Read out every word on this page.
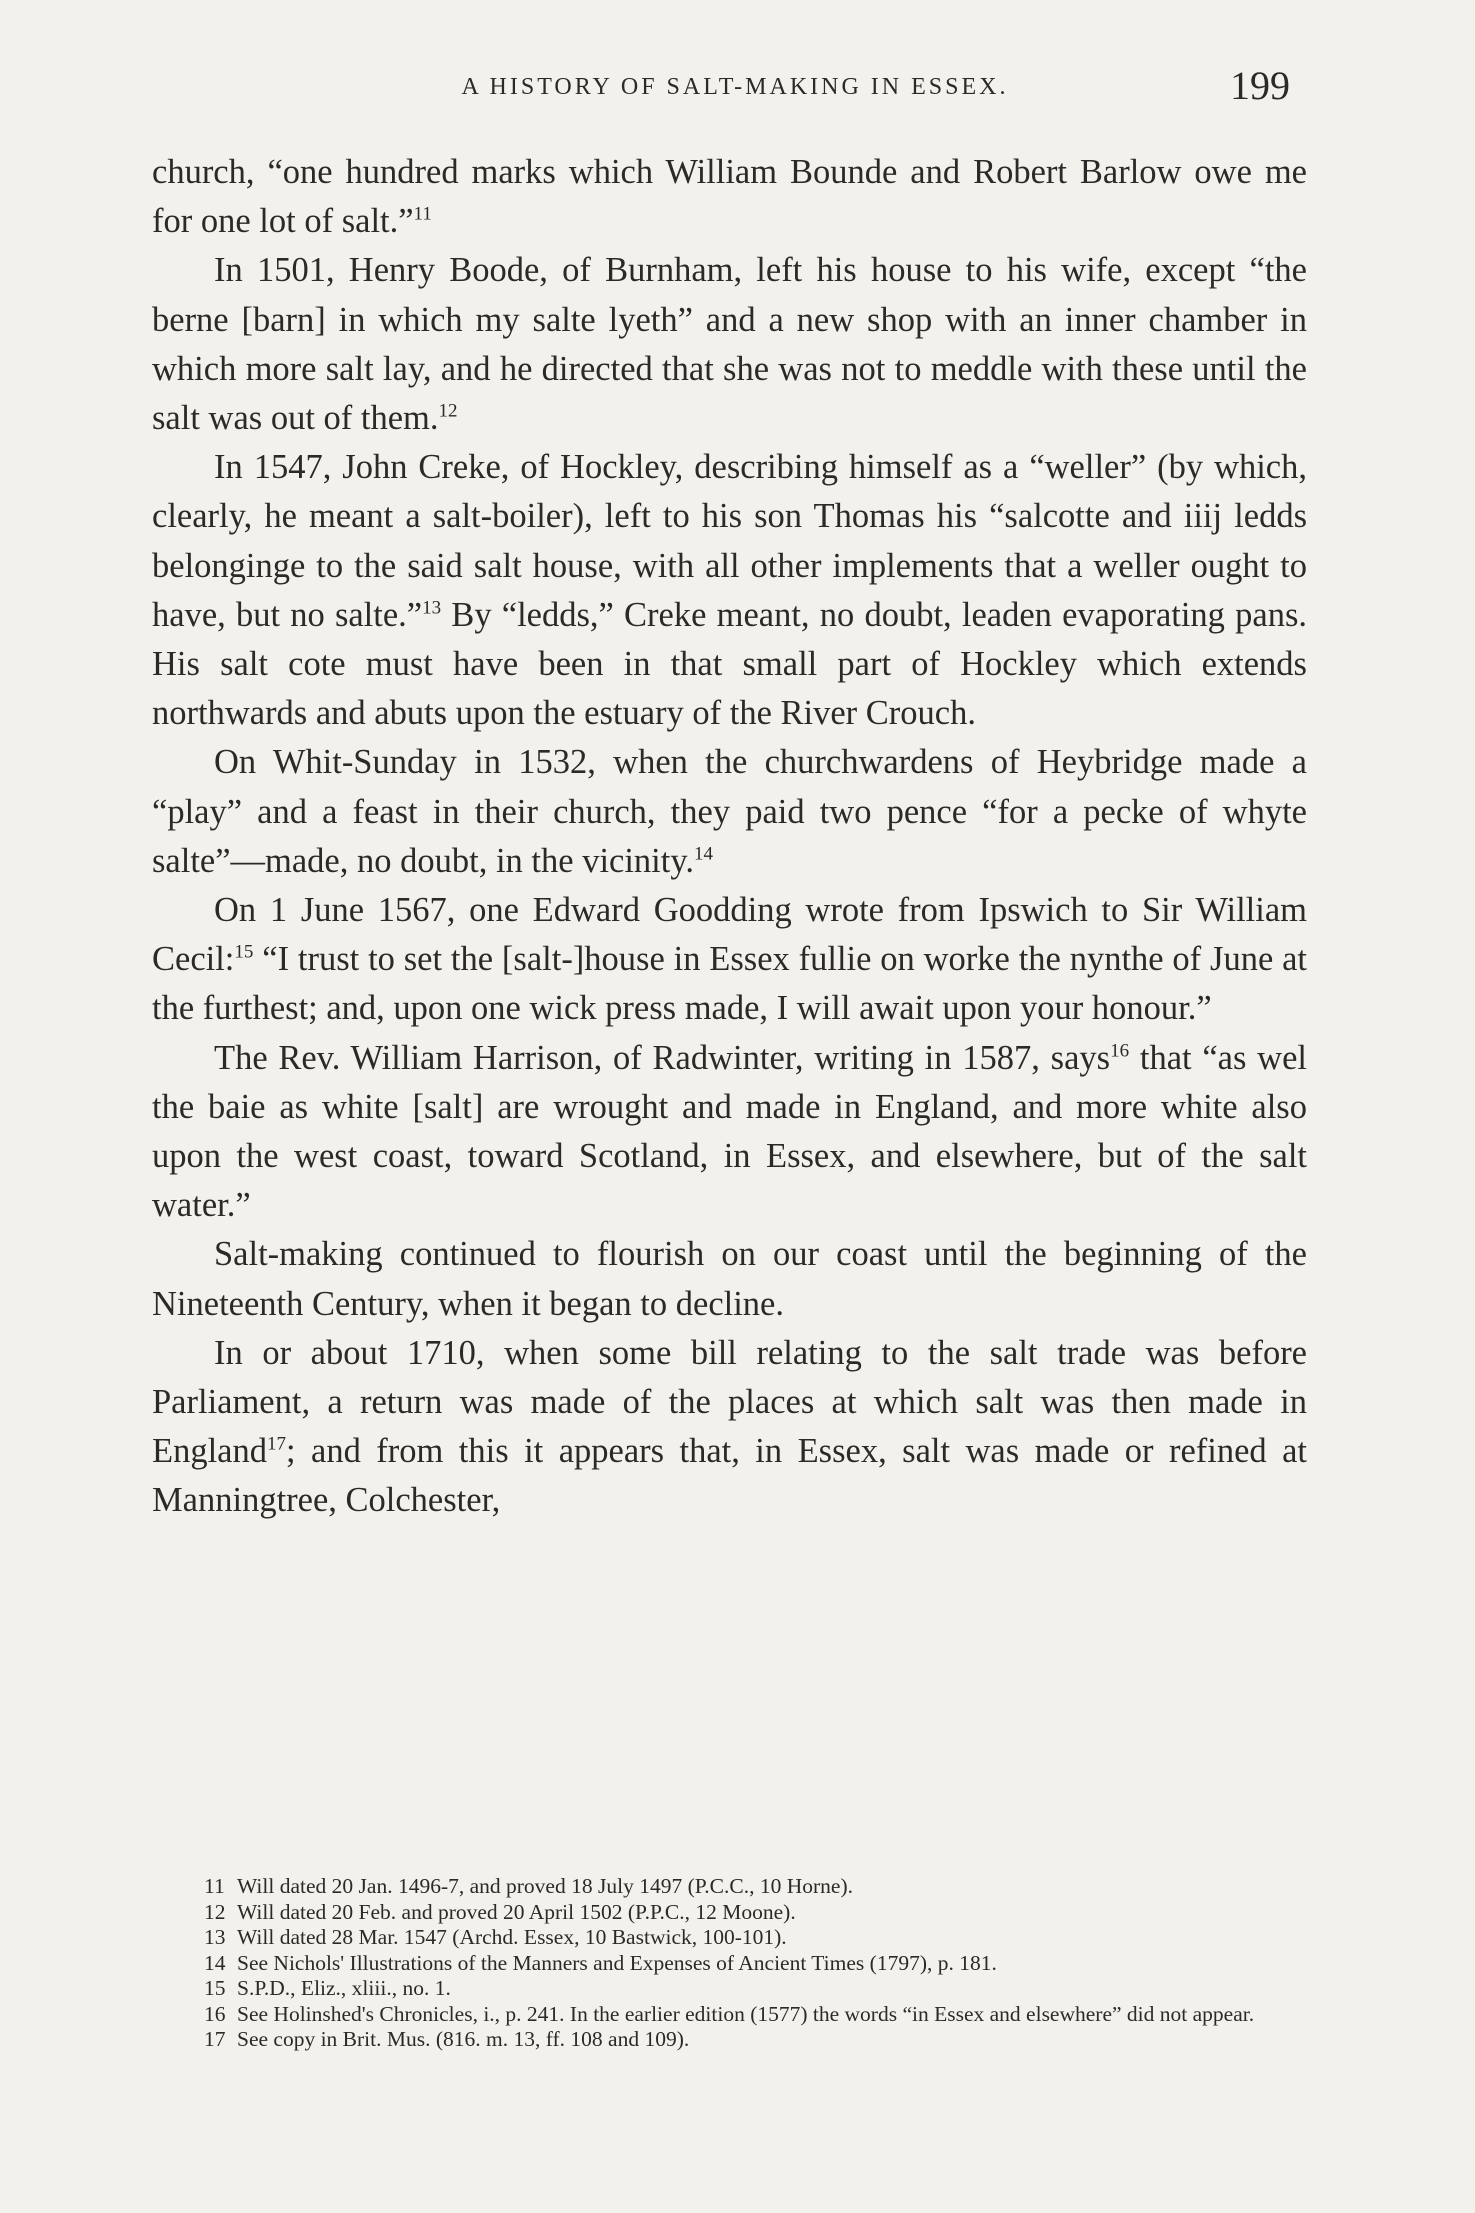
A HISTORY OF SALT-MAKING IN ESSEX.	199

church, “one hundred marks which William Bounde and Robert Barlow owe me for one lot of salt.”$^{11}$

In 1501, Henry Boode, of Burnham, left his house to his wife, except “the berne [barn] in which my salte lyeth” and a new shop with an inner chamber in which more salt lay, and he directed that she was not to meddle with these until the salt was out of them.$^{12}$

In 1547, John Creke, of Hockley, describing himself as a “weller” (by which, clearly, he meant a salt-boiler), left to his son Thomas his “salcotte and iiij ledds belonginge to the said salt house, with all other implements that a weller ought to have, but no salte.”$^{13}$ By “ledds,” Creke meant, no doubt, leaden evaporating pans. His salt cote must have been in that small part of Hockley which extends northwards and abuts upon the estuary of the River Crouch.

On Whit-Sunday in 1532, when the churchwardens of Heybridge made a “play” and a feast in their church, they paid two pence “for a pecke of whyte salte”—made, no doubt, in the vicinity.$^{14}$

On 1 June 1567, one Edward Goodding wrote from Ipswich to Sir William Cecil:$^{15}$ “I trust to set the [salt-]house in Essex fullie on worke the nynthe of June at the furthest; and, upon one wick press made, I will await upon your honour.”

The Rev. William Harrison, of Radwinter, writing in 1587, says$^{16}$ that “as wel the baie as white [salt] are wrought and made in England, and more white also upon the west coast, toward Scotland, in Essex, and elsewhere, but of the salt water.”

Salt-making continued to flourish on our coast until the beginning of the Nineteenth Century, when it began to decline.

In or about 1710, when some bill relating to the salt trade was before Parliament, a return was made of the places at which salt was then made in England$^{17}$; and from this it appears that, in Essex, salt was made or refined at Manningtree, Colchester,

11 Will dated 20 Jan. 1496-7, and proved 18 July 1497 (P.C.C., 10 Horne).

12 Will dated 20 Feb. and proved 20 April 1502 (P.P.C., 12 Moone).

13 Will dated 28 Mar. 1547 (Archd. Essex, 10 Bastwick, 100-101).

14 See Nichols' Illustrations of the Manners and Expenses of Ancient Times (1797), p. 181.

15 S.P.D., Eliz., xliii., no. 1.

16 See Holinshed's Chronicles, i., p. 241. In the earlier edition (1577) the words “in Essex and elsewhere” did not appear.

17 See copy in Brit. Mus. (816. m. 13, ff. 108 and 109).
